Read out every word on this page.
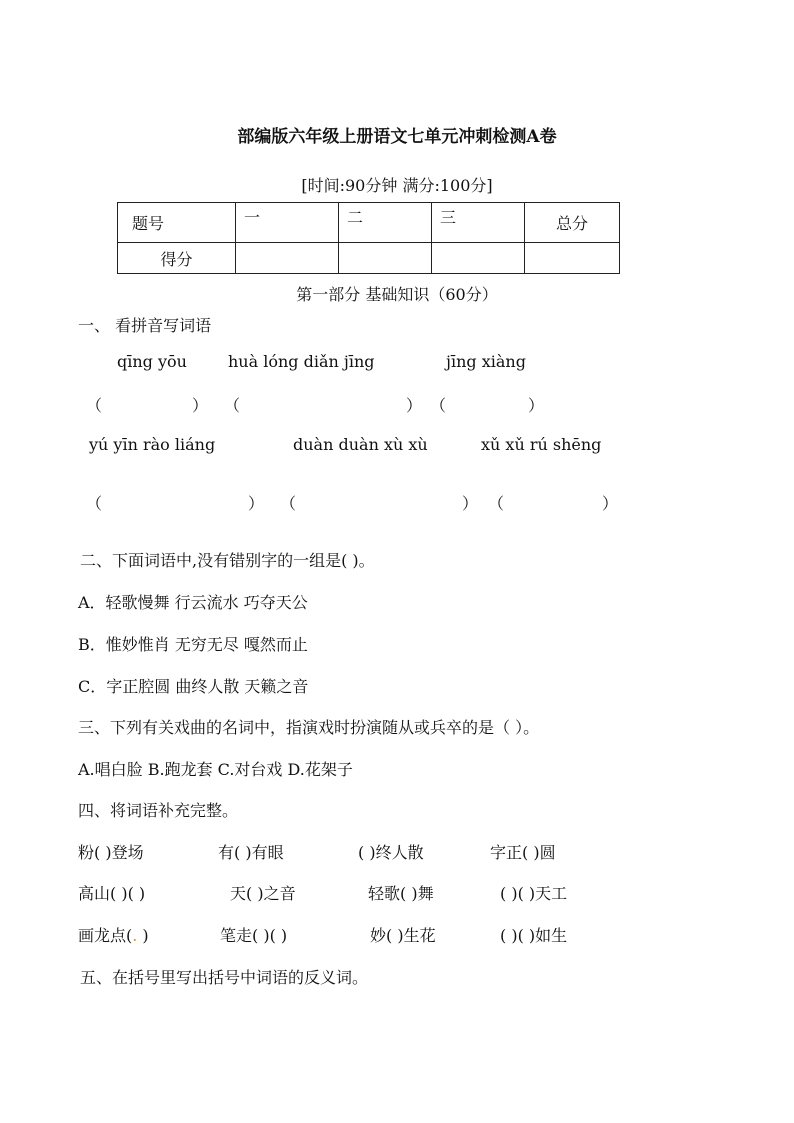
部编版六年级上册语文七单元冲刺检测A卷
[时间:90分钟 满分:100分]
题号	一	二	三	总分
得分				
第一部分 基础知识（60分）
一、 看拼音写词语
qīng yōu	huà lóng diǎn jīng	jīng xiàng
（	） （	） （	）
yú yīn rào liáng	duàn duàn xù xù	xǔ xǔ rú shēng
（	） （	） （	）
二、下面词语中,没有错别字的一组是( )。
A．轻歌慢舞 行云流水 巧夺天公
B．惟妙惟肖 无穷无尽 嘎然而止
C．字正腔圆 曲终人散 天籁之音
三、下列有关戏曲的名词中，指演戏时扮演随从或兵卒的是（ ）。
A.唱白脸 B.跑龙套 C.对台戏 D.花架子
四、将词语补充完整。
粉( )登场	有( )有眼	( )终人散	字正( )圆
高山( )( )	天( )之音	轻歌( )舞	( )( )天工
画龙点(. )	笔走( )( )	妙( )生花	( )( )如生
五、在括号里写出括号中词语的反义词。
